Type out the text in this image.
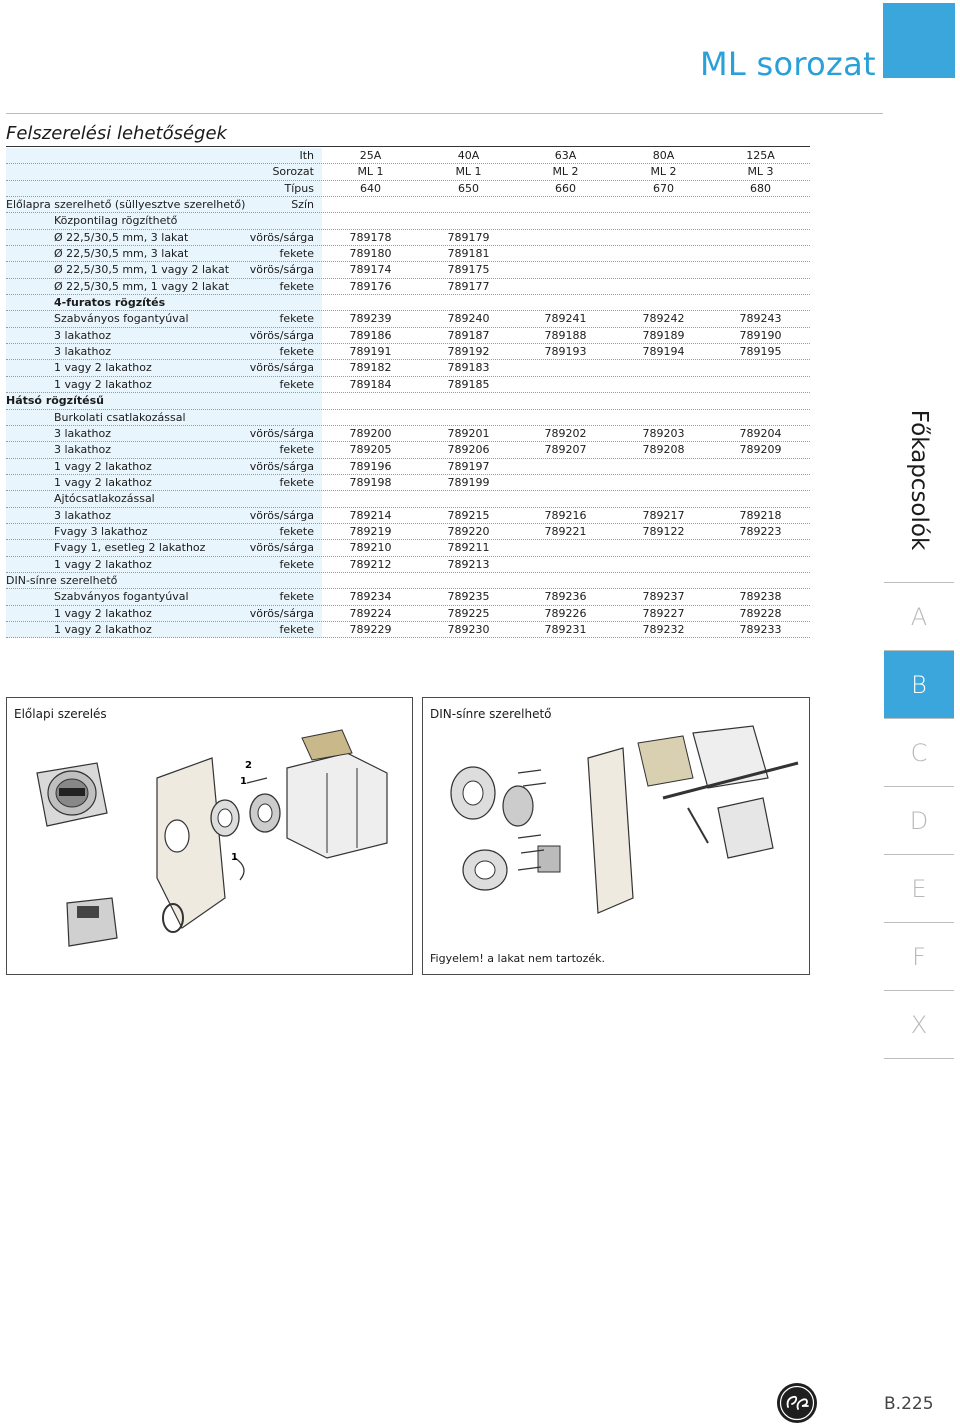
ML sorozat
Felszerelési lehetőségek
Ith	25A	40A	63A	80A	125A
Sorozat	ML 1	ML 1	ML 2	ML 2	ML 3
Típus	640	650	660	670	680
Előlapra szerelhető (süllyesztve szerelhető)	Szín
Központilag rögzíthető
Ø 22,5/30,5 mm, 3 lakat	vörös/sárga	789178	789179
Ø 22,5/30,5 mm, 3 lakat	fekete	789180	789181
Ø 22,5/30,5 mm, 1 vagy 2 lakat vörös/sárga	789174	789175
Ø 22,5/30,5 mm, 1 vagy 2 lakat	fekete	789176	789177
4-furatos rögzítés
Szabványos fogantyúval	fekete	789239	789240	789241	789242	789243
3 lakathoz	vörös/sárga	789186	789187	789188	789189	789190
3 lakathoz	fekete	789191	789192	789193	789194	789195
1 vagy 2 lakathoz	vörös/sárga	789182	789183
1 vagy 2 lakathoz	fekete	789184	789185
Hátsó rögzítésű
Burkolati csatlakozással
3 lakathoz	vörös/sárga	789200	789201	789202	789203	789204
3 lakathoz	fekete	789205	789206	789207	789208	789209
1 vagy 2 lakathoz	vörös/sárga	789196	789197
1 vagy 2 lakathoz	fekete	789198	789199
Ajtócsatlakozással
3 lakathoz	vörös/sárga	789214	789215	789216	789217	789218
Fvagy 3 lakathoz	fekete	789219	789220	789221	789122	789223
Fvagy 1, esetleg 2 lakathoz	vörös/sárga	789210	789211
1 vagy 2 lakathoz	fekete	789212	789213
DIN-sínre szerelhető
Szabványos fogantyúval	fekete	789234	789235	789236	789237	789238
1 vagy 2 lakathoz	vörös/sárga	789224	789225	789226	789227	789228
1 vagy 2 lakathoz	fekete	789229	789230	789231	789232	789233
Előlapi szerelés
1
2
1
DIN-sínre szerelhető
Figyelem! a lakat nem tartozék.
Főkapcsolók
A
B
C
D
E
F
X
B.225
